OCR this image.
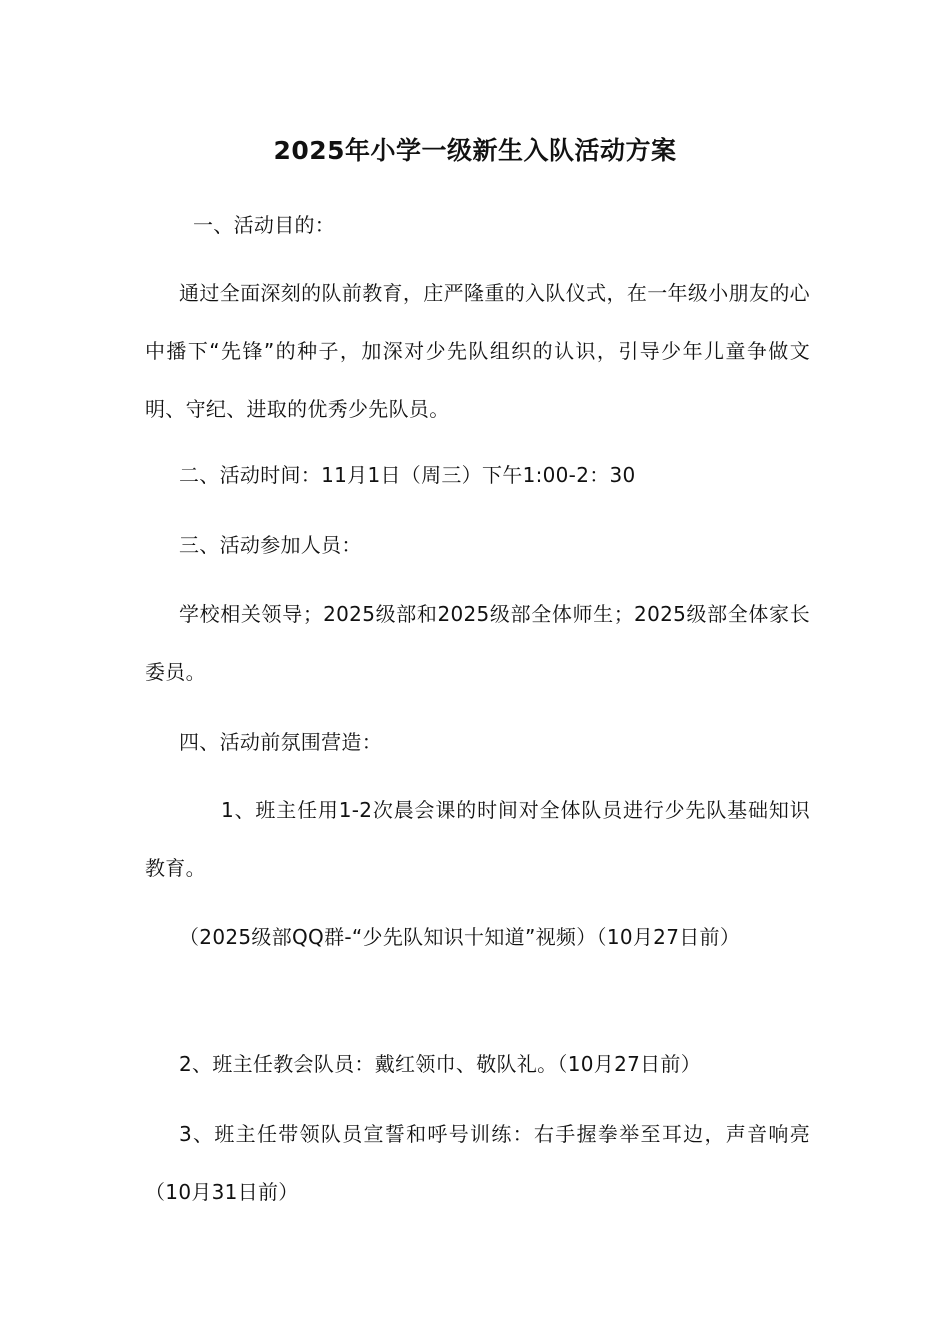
2025年小学一级新生入队活动方案

一、活动目的：

通过全面深刻的队前教育，庄严隆重的入队仪式，在一年级小朋友的心中播下“先锋”的种子，加深对少先队组织的认识，引导少年儿童争做文明、守纪、进取的优秀少先队员。

二、活动时间：11月1日（周三）下午1:00-2：30

三、活动参加人员：

学校相关领导；2025级部和2025级部全体师生；2025级部全体家长委员。

四、活动前氛围营造：

1、班主任用1-2次晨会课的时间对全体队员进行少先队基础知识教育。

（2025级部QQ群-“少先队知识十知道”视频）（10月27日前）

2、班主任教会队员：戴红领巾、敬队礼。（10月27日前）

3、班主任带领队员宣誓和呼号训练：右手握拳举至耳边，声音响亮（10月31日前）
